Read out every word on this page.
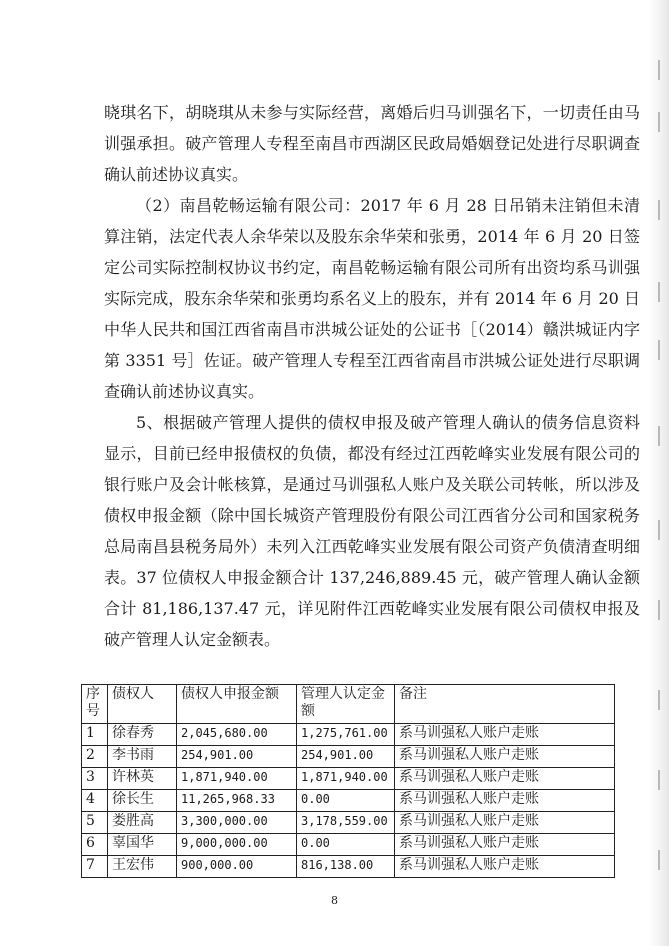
晓琪名下，胡晓琪从未参与实际经营，离婚后归马训强名下，一切责任由马训强承担。破产管理人专程至南昌市西湖区民政局婚姻登记处进行尽职调查确认前述协议真实。

（2）南昌乾畅运输有限公司：2017 年 6 月 28 日吊销未注销但未清算注销，法定代表人余华荣以及股东余华荣和张勇，2014 年 6 月 20 日签定公司实际控制权协议书约定，南昌乾畅运输有限公司所有出资均系马训强实际完成，股东余华荣和张勇均系名义上的股东，并有 2014 年 6 月 20 日中华人民共和国江西省南昌市洪城公证处的公证书［（2014）赣洪城证内字第 3351 号］佐证。破产管理人专程至江西省南昌市洪城公证处进行尽职调查确认前述协议真实。

5、根据破产管理人提供的债权申报及破产管理人确认的债务信息资料显示，目前已经申报债权的负债，都没有经过江西乾峰实业发展有限公司的银行账户及会计帐核算，是通过马训强私人账户及关联公司转帐，所以涉及债权申报金额（除中国长城资产管理股份有限公司江西省分公司和国家税务总局南昌县税务局外）未列入江西乾峰实业发展有限公司资产负债清查明细表。37 位债权人申报金额合计 137,246,889.45 元，破产管理人确认金额合计 81,186,137.47 元，详见附件江西乾峰实业发展有限公司债权申报及破产管理人认定金额表。

序号	债权人	债权人申报金额	管理人认定金额	备注
1	徐春秀	2,045,680.00	1,275,761.00	系马训强私人账户走账
2	李书雨	254,901.00	254,901.00	系马训强私人账户走账
3	许林英	1,871,940.00	1,871,940.00	系马训强私人账户走账
4	徐长生	11,265,968.33	0.00	系马训强私人账户走账
5	娄胜高	3,300,000.00	3,178,559.00	系马训强私人账户走账
6	辜国华	9,000,000.00	0.00	系马训强私人账户走账
7	王宏伟	900,000.00	816,138.00	系马训强私人账户走账
8
